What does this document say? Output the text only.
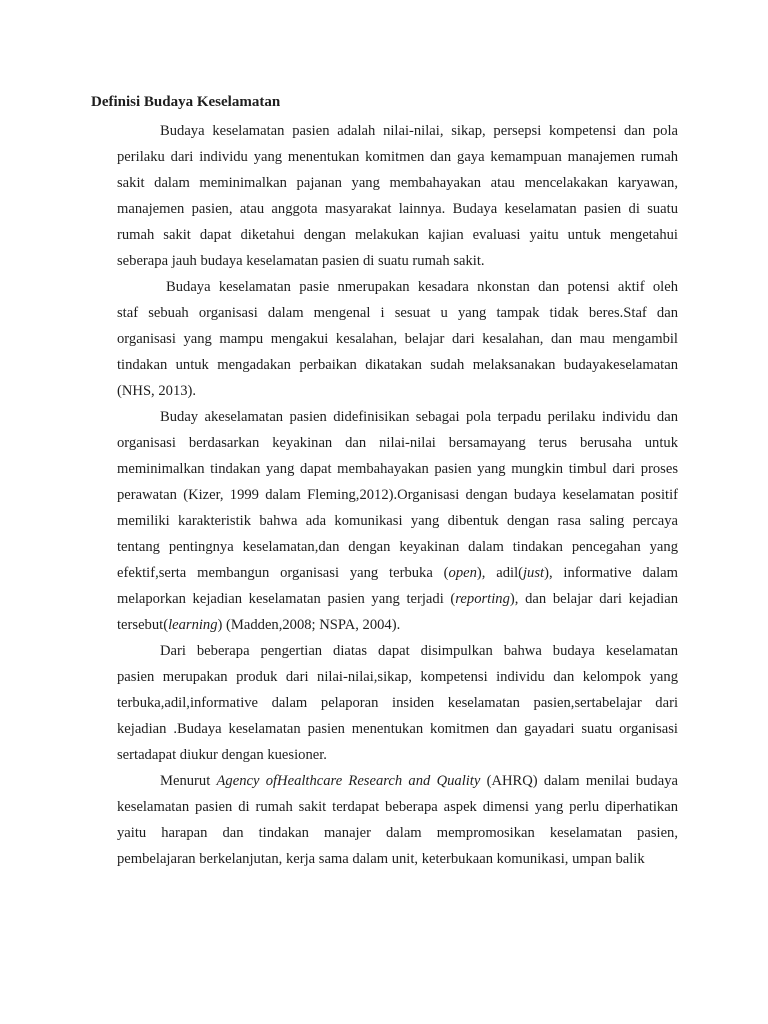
Definisi Budaya Keselamatan
Budaya keselamatan pasien adalah nilai-nilai, sikap, persepsi kompetensi dan pola
perilaku dari individu yang menentukan komitmen dan gaya kemampuan manajemen rumah
sakit dalam meminimalkan pajanan yang membahayakan atau mencelakakan karyawan,
manajemen pasien, atau anggota masyarakat lainnya. Budaya keselamatan pasien di suatu
rumah sakit dapat diketahui dengan melakukan kajian evaluasi yaitu untuk mengetahui
seberapa jauh budaya keselamatan pasien di suatu rumah sakit.
Budaya keselamatan pasie nmerupakan kesadara nkonstan dan potensi aktif oleh
staf sebuah organisasi dalam mengenal i sesuat u yang tampak tidak beres.Staf dan
organisasi yang mampu mengakui kesalahan, belajar dari kesalahan, dan mau mengambil
tindakan untuk mengadakan perbaikan dikatakan sudah melaksanakan budayakeselamatan
(NHS, 2013).
Buday akeselamatan pasien didefinisikan sebagai pola terpadu perilaku individu dan
organisasi berdasarkan keyakinan dan nilai-nilai bersamayang terus berusaha untuk
meminimalkan tindakan yang dapat membahayakan pasien yang mungkin timbul dari proses
perawatan (Kizer, 1999 dalam Fleming,2012).Organisasi dengan budaya keselamatan positif
memiliki karakteristik bahwa ada komunikasi yang dibentuk dengan rasa saling percaya
tentang pentingnya keselamatan,dan dengan keyakinan dalam tindakan pencegahan yang
efektif,serta membangun organisasi yang terbuka (open), adil(just), informative dalam
melaporkan kejadian keselamatan pasien yang terjadi (reporting), dan belajar dari kejadian
tersebut(learning) (Madden,2008; NSPA, 2004).
Dari beberapa pengertian diatas dapat disimpulkan bahwa budaya keselamatan
pasien merupakan produk dari nilai-nilai,sikap, kompetensi individu dan kelompok yang
terbuka,adil,informative dalam pelaporan insiden keselamatan pasien,sertabelajar dari
kejadian .Budaya keselamatan pasien menentukan komitmen dan gayadari suatu organisasi
sertadapat diukur dengan kuesioner.
Menurut Agency ofHealthcare Research and Quality (AHRQ) dalam menilai budaya
keselamatan pasien di rumah sakit terdapat beberapa aspek dimensi yang perlu diperhatikan
yaitu harapan dan tindakan manajer dalam mempromosikan keselamatan pasien,
pembelajaran berkelanjutan, kerja sama dalam unit, keterbukaan komunikasi, umpan balik
